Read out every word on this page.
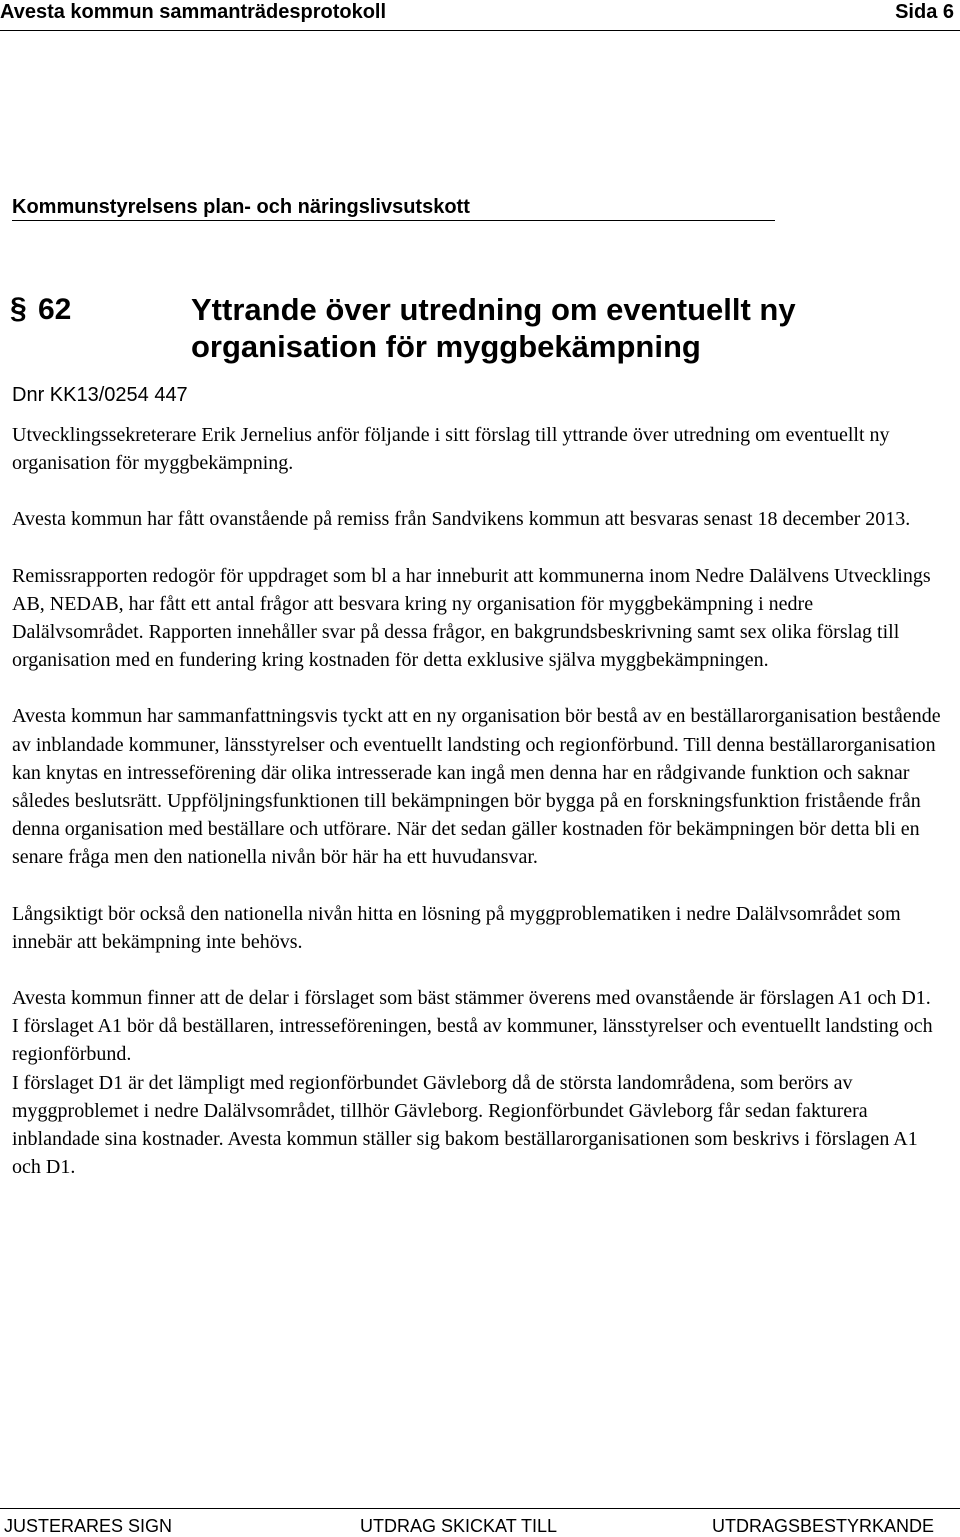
Avesta kommun sammanträdesprotokoll	Sida 6
Kommunstyrelsens plan- och näringslivsutskott
§ 62	Yttrande över utredning om eventuellt ny
organisation för myggbekämpning
Dnr KK13/0254 447

Utvecklingssekreterare Erik Jernelius anför följande i sitt förslag till yttrande över utredning om eventuellt ny organisation för myggbekämpning.

Avesta kommun har fått ovanstående på remiss från Sandvikens kommun att besvaras senast 18 december 2013.

Remissrapporten redogör för uppdraget som bl a har inneburit att kommunerna inom Nedre Dalälvens Utvecklings AB, NEDAB, har fått ett antal frågor att besvara kring ny organisation för myggbekämpning i nedre Dalälvsområdet. Rapporten innehåller svar på dessa frågor, en bakgrundsbeskrivning samt sex olika förslag till organisation med en fundering kring kostnaden för detta exklusive själva myggbekämpningen.

Avesta kommun har sammanfattningsvis tyckt att en ny organisation bör bestå av en beställarorganisation bestående av inblandade kommuner, länsstyrelser och eventuellt landsting och regionförbund. Till denna beställarorganisation kan knytas en intresseförening där olika intresserade kan ingå men denna har en rådgivande funktion och saknar således beslutsrätt. Uppföljningsfunktionen till bekämpningen bör bygga på en forskningsfunktion fristående från denna organisation med beställare och utförare. När det sedan gäller kostnaden för bekämpningen bör detta bli en senare fråga men den nationella nivån bör här ha ett huvudansvar.

Långsiktigt bör också den nationella nivån hitta en lösning på myggproblematiken i nedre Dalälvsområdet som innebär att bekämpning inte behövs.

Avesta kommun finner att de delar i förslaget som bäst stämmer överens med ovanstående är förslagen A1 och D1.

I förslaget A1 bör då beställaren, intresseföreningen, bestå av kommuner, länsstyrelser och eventuellt landsting och regionförbund.

I förslaget D1 är det lämpligt med regionförbundet Gävleborg då de största landområdena, som berörs av myggproblemet i nedre Dalälvsområdet, tillhör Gävleborg. Regionförbundet Gävleborg får sedan fakturera inblandade sina kostnader. Avesta kommun ställer sig bakom beställarorganisationen som beskrivs i förslagen A1 och D1.

JUSTERARES SIGN	UTDRAG SKICKAT TILL	UTDRAGSBESTYRKANDE
